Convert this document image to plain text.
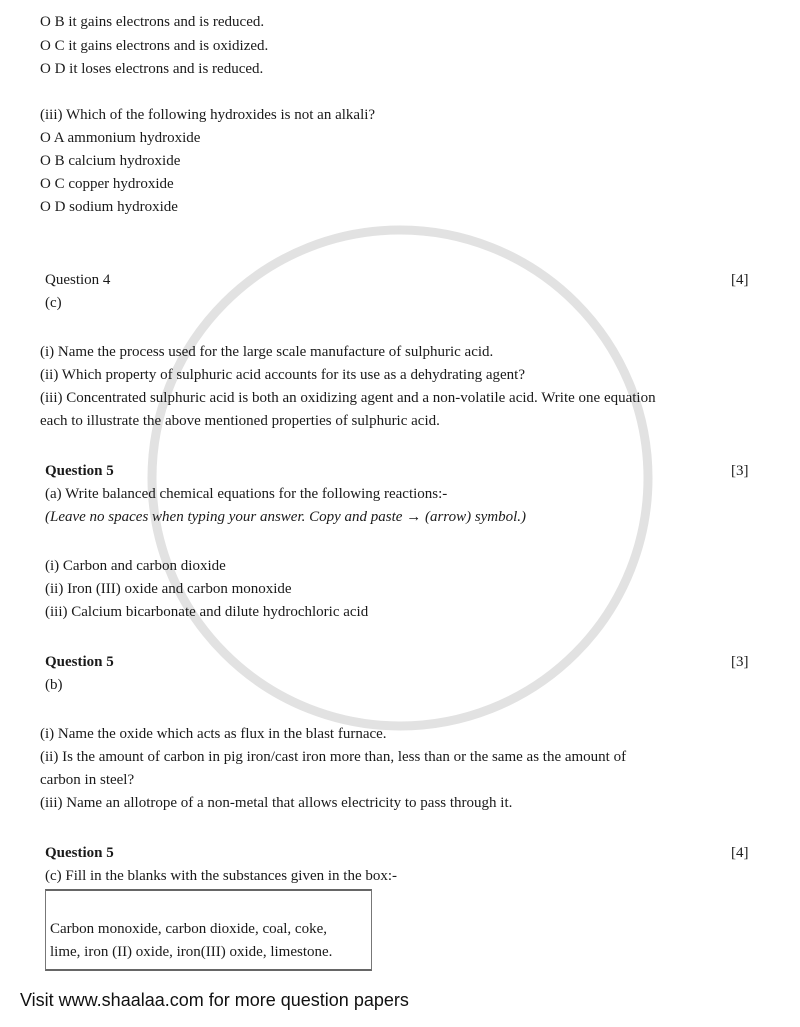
O B it gains electrons and is reduced.
O C it gains electrons and is oxidized.
O D it loses electrons and is reduced.
(iii) Which of the following hydroxides is not an alkali?
O A ammonium hydroxide
O B calcium hydroxide
O C copper hydroxide
O D sodium hydroxide
Question 4	[4]
(c)
(i) Name the process used for the large scale manufacture of sulphuric acid.
(ii) Which property of sulphuric acid accounts for its use as a dehydrating agent?
(iii) Concentrated sulphuric acid is both an oxidizing agent and a non-volatile acid. Write one equation
each to illustrate the above mentioned properties of sulphuric acid.
Question 5	[3]
(a) Write balanced chemical equations for the following reactions:-
(Leave no spaces when typing your answer. Copy and paste → (arrow) symbol.)
(i) Carbon and carbon dioxide
(ii) Iron (III) oxide and carbon monoxide
(iii) Calcium bicarbonate and dilute hydrochloric acid
Question 5	[3]
(b)
(i) Name the oxide which acts as flux in the blast furnace.
(ii) Is the amount of carbon in pig iron/cast iron more than, less than or the same as the amount of
carbon in steel?
(iii) Name an allotrope of a non-metal that allows electricity to pass through it.
Question 5	[4]
(c) Fill in the blanks with the substances given in the box:-
Carbon monoxide, carbon dioxide, coal, coke,
lime, iron (II) oxide, iron(III) oxide, limestone.
Visit www.shaalaa.com for more question papers
